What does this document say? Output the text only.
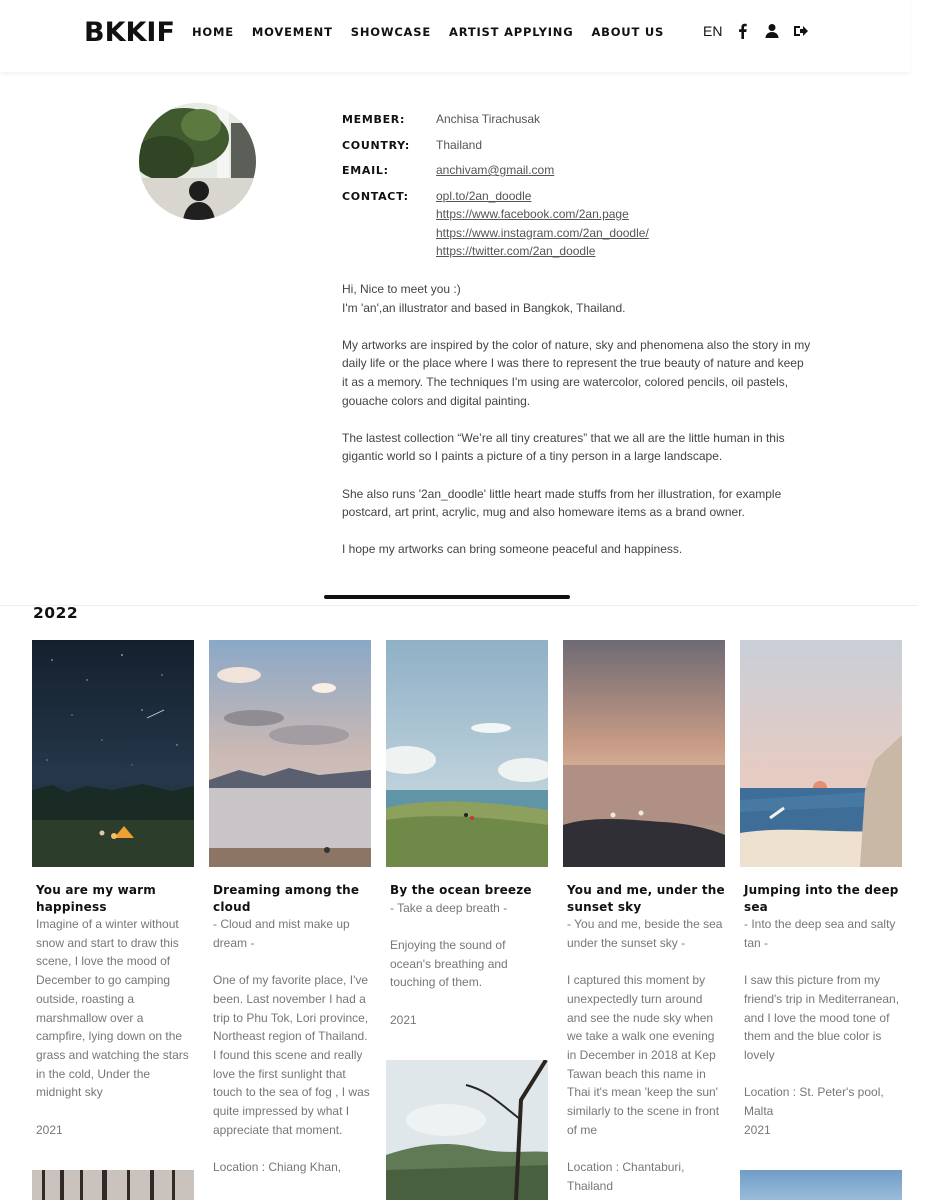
BKKIF HOME MOVEMENT SHOWCASE ARTIST APPLYING ABOUT US	EN
MEMBER:	Anchisa Tirachusak
COUNTRY:	Thailand
EMAIL:	anchivam@gmail.com
CONTACT:	opl.to/2an_doodle
https://www.facebook.com/2an.page
https://www.instagram.com/2an_doodle/
https://twitter.com/2an_doodle

Hi, Nice to meet you :)
I'm 'an',an illustrator and based in Bangkok, Thailand.

My artworks are inspired by the color of nature, sky and phenomena also the story in my daily life or the place where I was there to represent the true beauty of nature and keep it as a memory. The techniques I'm using are watercolor, colored pencils, oil pastels, gouache colors and digital painting.

The lastest collection “We’re all tiny creatures” that we all are the little human in this gigantic world so I paints a picture of a tiny person in a large landscape.

She also runs '2an_doodle' little heart made stuffs from her illustration, for example postcard, art print, acrylic, mug and also homeware items as a brand owner.

I hope my artworks can bring someone peaceful and happiness.

2022
You are my warm happiness
Imagine of a winter without snow and start to draw this scene, I love the mood of December to go camping outside, roasting a marshmallow over a campfire, lying down on the grass and watching the stars in the cold, Under the midnight sky
2021
Dreaming among the cloud
- Cloud and mist make up dream -
One of my favorite place, I've been. Last november I had a trip to Phu Tok, Lori province, Northeast region of Thailand. I found this scene and really love the first sunlight that touch to the sea of fog , I was quite impressed by what I appreciate that moment.
Location : Chiang Khan,
By the ocean breeze
- Take a deep breath -
Enjoying the sound of ocean's breathing and touching of them.
2021
You and me, under the sunset sky
- You and me, beside the sea under the sunset sky -
I captured this moment by unexpectedly turn around and see the nude sky when we take a walk one evening in December in 2018 at Kep Tawan beach this name in Thai it's mean 'keep the sun' similarly to the scene in front of me
Location : Chantaburi, Thailand
Jumping into the deep sea
- Into the deep sea and salty tan -
I saw this picture from my friend's trip in Mediterranean, and I love the mood tone of them and the blue color is lovely
Location : St. Peter's pool, Malta
2021
